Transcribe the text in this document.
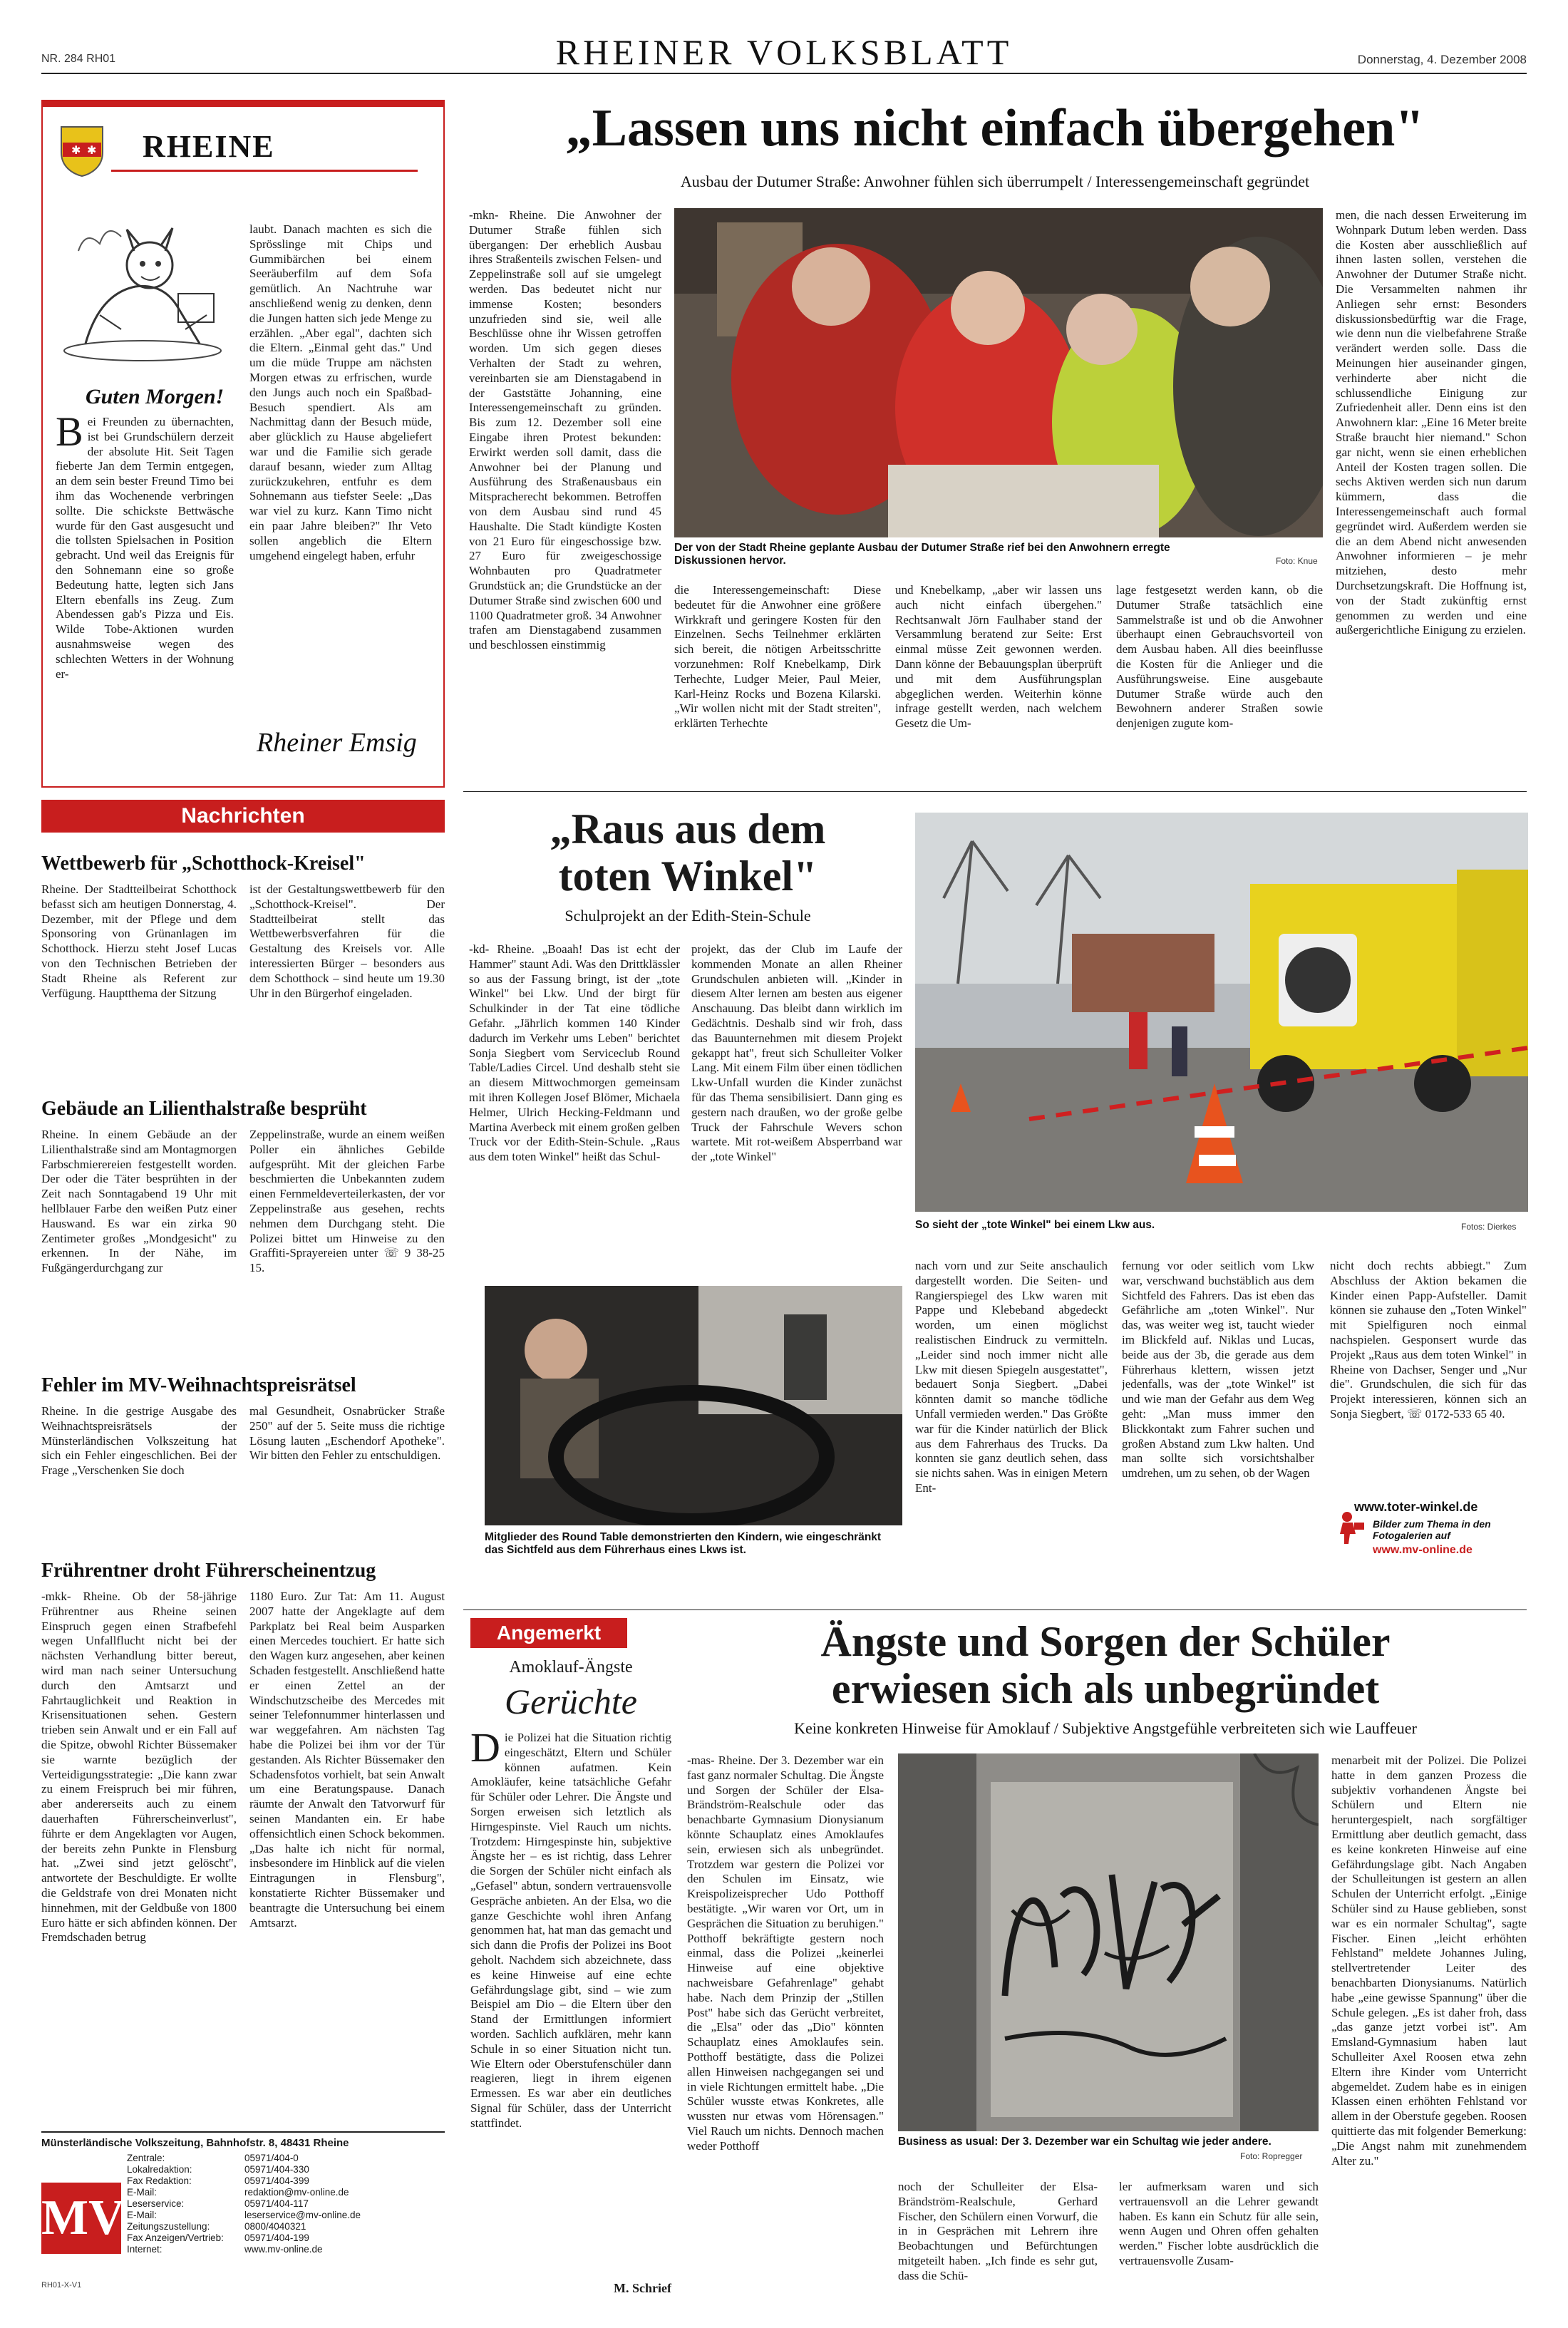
NR. 284 RH01	RHEINER VOLKSBLATT	Donnerstag, 4. Dezember 2008
✱ ✱ RHEINE
Guten Morgen!
Bei Freunden zu übernachten, ist bei Grundschülern derzeit der absolute Hit. Seit Tagen fieberte Jan dem Termin entgegen, an dem sein bester Freund Timo bei ihm das Wochenende verbringen sollte. Die schickste Bettwäsche wurde für den Gast ausgesucht und die tollsten Spielsachen in Position gebracht. Und weil das Ereignis für den Sohnemann eine so große Bedeutung hatte, legten sich Jans Eltern ebenfalls ins Zeug. Zum Abendessen gab's Pizza und Eis. Wilde Tobe-Aktionen wurden ausnahmsweise wegen des schlechten Wetters in der Wohnung er-
laubt. Danach machten es sich die Sprösslinge mit Chips und Gummibärchen bei einem Seeräuberfilm auf dem Sofa gemütlich. An Nachtruhe war anschließend wenig zu denken, denn die Jungen hatten sich jede Menge zu erzählen. „Aber egal", dachten sich die Eltern. „Einmal geht das." Und um die müde Truppe am nächsten Morgen etwas zu erfrischen, wurde den Jungs auch noch ein Spaßbad-Besuch spendiert. Als am Nachmittag dann der Besuch müde, aber glücklich zu Hause abgeliefert war und die Familie sich gerade darauf besann, wieder zum Alltag zurückzukehren, entfuhr es dem Sohnemann aus tiefster Seele: „Das war viel zu kurz. Kann Timo nicht ein paar Jahre bleiben?" Ihr Veto sollen angeblich die Eltern umgehend eingelegt haben, erfuhr
Rheiner Emsig
Nachrichten
Wettbewerb für „Schotthock-Kreisel"
Rheine. Der Stadtteilbeirat Schotthock befasst sich am heutigen Donnerstag, 4. Dezember, mit der Pflege und dem Sponsoring von Grünanlagen im Schotthock. Hierzu steht Josef Lucas von den Technischen Betrieben der Stadt Rheine als Referent zur Verfügung. Hauptthema der Sitzung
ist der Gestaltungswettbewerb für den „Schotthock-Kreisel". Der Stadtteilbeirat stellt das Wettbewerbsverfahren für die Gestaltung des Kreisels vor. Alle interessierten Bürger – besonders aus dem Schotthock – sind heute um 19.30 Uhr in den Bürgerhof eingeladen.
Gebäude an Lilienthalstraße besprüht
Rheine. In einem Gebäude an der Lilienthalstraße sind am Montagmorgen Farbschmierereien festgestellt worden. Der oder die Täter besprühten in der Zeit nach Sonntagabend 19 Uhr mit hellblauer Farbe den weißen Putz einer Hauswand. Es war ein zirka 90 Zentimeter großes „Mondgesicht" zu erkennen. In der Nähe, im Fußgängerdurchgang zur
Zeppelinstraße, wurde an einem weißen Poller ein ähnliches Gebilde aufgesprüht. Mit der gleichen Farbe beschmierten die Unbekannten zudem einen Fernmeldeverteilerkasten, der vor Zeppelinstraße aus gesehen, rechts nehmen dem Durchgang steht. Die Polizei bittet um Hinweise zu den Graffiti-Sprayereien unter ☏ 9 38-25 15.
Fehler im MV-Weihnachtspreisrätsel
Rheine. In die gestrige Ausgabe des Weihnachtspreisrätsels der Münsterländischen Volkszeitung hat sich ein Fehler eingeschlichen. Bei der Frage „Verschenken Sie doch
mal Gesundheit, Osnabrücker Straße 250" auf der 5. Seite muss die richtige Lösung lauten „Eschendorf Apotheke". Wir bitten den Fehler zu entschuldigen.
Frührentner droht Führerscheinentzug
-mkk- Rheine. Ob der 58-jährige Frührentner aus Rheine seinen Einspruch gegen einen Strafbefehl wegen Unfallflucht nicht bei der nächsten Verhandlung bitter bereut, wird man nach seiner Untersuchung durch den Amtsarzt und Fahrtauglichkeit und Reaktion in Krisensituationen sehen. Gestern trieben sein Anwalt und er ein Fall auf die Spitze, obwohl Richter Büssemaker sie warnte bezüglich der Verteidigungsstrategie: „Die kann zwar zu einem Freispruch bei mir führen, aber andererseits auch zu einem dauerhaften Führerscheinverlust", führte er dem Angeklagten vor Augen, der bereits zehn Punkte in Flensburg hat. „Zwei sind jetzt gelöscht", antwortete der Beschuldigte. Er wollte die Geldstrafe von drei Monaten nicht hinnehmen, mit der Geldbuße von 1800 Euro hätte er sich abfinden können. Der Fremdschaden betrug
1180 Euro. Zur Tat: Am 11. August 2007 hatte der Angeklagte auf dem Parkplatz bei Real beim Ausparken einen Mercedes touchiert. Er hatte sich den Wagen kurz angesehen, aber keinen Schaden festgestellt. Anschließend hatte er einen Zettel an der Windschutzscheibe des Mercedes mit seiner Telefonnummer hinterlassen und war weggefahren. Am nächsten Tag habe die Polizei bei ihm vor der Tür gestanden. Als Richter Büssemaker den Schadensfotos vorhielt, bat sein Anwalt um eine Beratungspause. Danach räumte der Anwalt den Tatvorwurf für seinen Mandanten ein. Er habe offensichtlich einen Schock bekommen. „Das halte ich nicht für normal, insbesondere im Hinblick auf die vielen Eintragungen in Flensburg", konstatierte Richter Büssemaker und beantragte die Untersuchung bei einem Amtsarzt.
Münsterländische Volkszeitung, Bahnhofstr. 8, 48431 Rheine
MV
Zentrale:	05971/404-0
Lokalredaktion:	05971/404-330
Fax Redaktion:	05971/404-399
E-Mail:	redaktion@mv-online.de
Leserservice:	05971/404-117
E-Mail:	leserservice@mv-online.de
Zeitungszustellung:	0800/4040321
Fax Anzeigen/Vertrieb:	05971/404-199
Internet:	www.mv-online.de
RH01-X-V1
„Lassen uns nicht einfach übergehen"
Ausbau der Dutumer Straße: Anwohner fühlen sich überrumpelt / Interessengemeinschaft gegründet
-mkn- Rheine. Die Anwohner der Dutumer Straße fühlen sich übergangen: Der erheblich Ausbau ihres Straßenteils zwischen Felsen- und Zeppelinstraße soll auf sie umgelegt werden. Das bedeutet nicht nur immense Kosten; besonders unzufrieden sind sie, weil alle Beschlüsse ohne ihr Wissen getroffen worden. Um sich gegen dieses Verhalten der Stadt zu wehren, vereinbarten sie am Dienstagabend in der Gaststätte Johanning, eine Interessengemeinschaft zu gründen. Bis zum 12. Dezember soll eine Eingabe ihren Protest bekunden: Erwirkt werden soll damit, dass die Anwohner bei der Planung und Ausführung des Straßenausbaus ein Mitspracherecht bekommen. Betroffen von dem Ausbau sind rund 45 Haushalte. Die Stadt kündigte Kosten von 21 Euro für eingeschossige bzw. 27 Euro für zweigeschossige Wohnbauten pro Quadratmeter Grundstück an; die Grundstücke an der Dutumer Straße sind zwischen 600 und 1100 Quadratmeter groß. 34 Anwohner trafen am Dienstagabend zusammen und beschlossen einstimmig
Der von der Stadt Rheine geplante Ausbau der Dutumer Straße rief bei den Anwohnern erregte Diskussionen hervor.	Foto: Knue
die Interessengemeinschaft: Diese bedeutet für die Anwohner eine größere Wirkkraft und geringere Kosten für den Einzelnen. Sechs Teilnehmer erklärten sich bereit, die nötigen Arbeitsschritte vorzunehmen: Rolf Knebelkamp, Dirk Terhechte, Ludger Meier, Paul Meier, Karl-Heinz Rocks und Bozena Kilarski. „Wir wollen nicht mit der Stadt streiten", erklärten Terhechte
und Knebelkamp, „aber wir lassen uns auch nicht einfach übergehen." Rechtsanwalt Jörn Faulhaber stand der Versammlung beratend zur Seite: Erst einmal müsse Zeit gewonnen werden. Dann könne der Bebauungsplan überprüft und mit dem Ausführungsplan abgeglichen werden. Weiterhin könne infrage gestellt werden, nach welchem Gesetz die Um-
lage festgesetzt werden kann, ob die Dutumer Straße tatsächlich eine Sammelstraße ist und ob die Anwohner überhaupt einen Gebrauchsvorteil von dem Ausbau haben. All dies beeinflusse die Kosten für die Anlieger und die Ausführungsweise. Eine ausgebaute Dutumer Straße würde auch den Bewohnern anderer Straßen sowie denjenigen zugute kom-
men, die nach dessen Erweiterung im Wohnpark Dutum leben werden. Dass die Kosten aber ausschließlich auf ihnen lasten sollen, verstehen die Anwohner der Dutumer Straße nicht. Die Versammelten nahmen ihr Anliegen sehr ernst: Besonders diskussionsbedürftig war die Frage, wie denn nun die vielbefahrene Straße verändert werden solle. Dass die Meinungen hier auseinander gingen, verhinderte aber nicht die schlussendliche Einigung zur Zufriedenheit aller. Denn eins ist den Anwohnern klar: „Eine 16 Meter breite Straße braucht hier niemand." Schon gar nicht, wenn sie einen erheblichen Anteil der Kosten tragen sollen. Die sechs Aktiven werden sich nun darum kümmern, dass die Interessengemeinschaft auch formal gegründet wird. Außerdem werden sie die an dem Abend nicht anwesenden Anwohner informieren – je mehr mitziehen, desto mehr Durchsetzungskraft. Die Hoffnung ist, von der Stadt zukünftig ernst genommen zu werden und eine außergerichtliche Einigung zu erzielen.
„Raus aus dem
toten Winkel"
Schulprojekt an der Edith-Stein-Schule
-kd- Rheine. „Boaah! Das ist echt der Hammer" staunt Adi. Was den Drittklässler so aus der Fassung bringt, ist der „tote Winkel" bei Lkw. Und der birgt für Schulkinder in der Tat eine tödliche Gefahr. „Jährlich kommen 140 Kinder dadurch im Verkehr ums Leben" berichtet Sonja Siegbert vom Serviceclub Round Table/Ladies Circel. Und deshalb steht sie an diesem Mittwochmorgen gemeinsam mit ihren Kollegen Josef Blömer, Michaela Helmer, Ulrich Hecking-Feldmann und Martina Averbeck mit einem großen gelben Truck vor der Edith-Stein-Schule. „Raus aus dem toten Winkel" heißt das Schul-
projekt, das der Club im Laufe der kommenden Monate an allen Rheiner Grundschulen anbieten will. „Kinder in diesem Alter lernen am besten aus eigener Anschauung. Das bleibt dann wirklich im Gedächtnis. Deshalb sind wir froh, dass das Bauunternehmen mit diesem Projekt gekappt hat", freut sich Schulleiter Volker Lang. Mit einem Film über einen tödlichen Lkw-Unfall wurden die Kinder zunächst für das Thema sensibilisiert. Dann ging es gestern nach draußen, wo der große gelbe Truck der Fahrschule Wevers schon wartete. Mit rot-weißem Absperrband war der „tote Winkel"
So sieht der „tote Winkel" bei einem Lkw aus.	Fotos: Dierkes
Mitglieder des Round Table demonstrierten den Kindern, wie eingeschränkt das Sichtfeld aus dem Führerhaus eines Lkws ist.
nach vorn und zur Seite anschaulich dargestellt worden. Die Seiten- und Rangierspiegel des Lkw waren mit Pappe und Klebeband abgedeckt worden, um einen möglichst realistischen Eindruck zu vermitteln. „Leider sind noch immer nicht alle Lkw mit diesen Spiegeln ausgestattet", bedauert Sonja Siegbert. „Dabei könnten damit so manche tödliche Unfall vermieden werden." Das Größte war für die Kinder natürlich der Blick aus dem Fahrerhaus des Trucks. Da konnten sie ganz deutlich sehen, dass sie nichts sahen. Was in einigen Metern Ent-
fernung vor oder seitlich vom Lkw war, verschwand buchstäblich aus dem Sichtfeld des Fahrers. Das ist eben das Gefährliche am „toten Winkel". Nur das, was weiter weg ist, taucht wieder im Blickfeld auf. Niklas und Lucas, beide aus der 3b, die gerade aus dem Führerhaus klettern, wissen jetzt jedenfalls, was der „tote Winkel" ist und wie man der Gefahr aus dem Weg geht: „Man muss immer den Blickkontakt zum Fahrer suchen und großen Abstand zum Lkw halten. Und man sollte sich vorsichtshalber umdrehen, um zu sehen, ob der Wagen
nicht doch rechts abbiegt." Zum Abschluss der Aktion bekamen die Kinder einen Papp-Aufsteller. Damit können sie zuhause den „Toten Winkel" mit Spielfiguren noch einmal nachspielen. Gesponsert wurde das Projekt „Raus aus dem toten Winkel" in Rheine von Dachser, Senger und „Nur die". Grundschulen, die sich für das Projekt interessieren, können sich an Sonja Siegbert, ☏ 0172-533 65 40.
www.toter-winkel.de
Bilder zum Thema in den Fotogalerien auf
www.mv-online.de
Angemerkt
Amoklauf-Ängste
Gerüchte
Die Polizei hat die Situation richtig eingeschätzt, Eltern und Schüler können aufatmen. Kein Amokläufer, keine tatsächliche Gefahr für Schüler oder Lehrer. Die Ängste und Sorgen erweisen sich letztlich als Hirngespinste. Viel Rauch um nichts. Trotzdem: Hirngespinste hin, subjektive Ängste her – es ist richtig, dass Lehrer die Sorgen der Schüler nicht einfach als „Gefasel" abtun, sondern vertrauensvolle Gespräche anbieten. An der Elsa, wo die ganze Geschichte wohl ihren Anfang genommen hat, hat man das gemacht und sich dann die Profis der Polizei ins Boot geholt. Nachdem sich abzeichnete, dass es keine Hinweise auf eine echte Gefährdungslage gibt, sind – wie zum Beispiel am Dio – die Eltern über den Stand der Ermittlungen informiert worden. Sachlich aufklären, mehr kann Schule in so einer Situation nicht tun. Wie Eltern oder Oberstufenschüler dann reagieren, liegt in ihrem eigenen Ermessen. Es war aber ein deutliches Signal für Schüler, dass der Unterricht stattfindet.
M. Schrief
Ängste und Sorgen der Schüler
erwiesen sich als unbegründet
Keine konkreten Hinweise für Amoklauf / Subjektive Angstgefühle verbreiteten sich wie Lauffeuer
-mas- Rheine. Der 3. Dezember war ein fast ganz normaler Schultag. Die Ängste und Sorgen der Schüler der Elsa-Brändström-Realschule oder das benachbarte Gymnasium Dionysianum könnte Schauplatz eines Amoklaufes sein, erwiesen sich als unbegründet. Trotzdem war gestern die Polizei vor den Schulen im Einsatz, wie Kreispolizeisprecher Udo Potthoff bestätigte. „Wir waren vor Ort, um in Gesprächen die Situation zu beruhigen." Potthoff bekräftigte gestern noch einmal, dass die Polizei „keinerlei Hinweise auf eine objektive nachweisbare Gefahrenlage" gehabt habe. Nach dem Prinzip der „Stillen Post" habe sich das Gerücht verbreitet, die „Elsa" oder das „Dio" könnten Schauplatz eines Amoklaufes sein. Potthoff bestätigte, dass die Polizei allen Hinweisen nachgegangen sei und in viele Richtungen ermittelt habe. „Die Schüler wusste etwas Konkretes, alle wussten nur etwas vom Hörensagen." Viel Rauch um nichts. Dennoch machen weder Potthoff	Business as usual: Der 3. Dezember war ein Schultag wie jeder andere.
Foto: Ropregger
noch der Schulleiter der Elsa-Brändström-Realschule, Gerhard Fischer, den Schülern einen Vorwurf, die in in Gesprächen mit Lehrern ihre Beobachtungen und Befürchtungen mitgeteilt haben. „Ich finde es sehr gut, dass die Schü-
ler aufmerksam waren und sich vertrauensvoll an die Lehrer gewandt haben. Es kann ein Schutz für alle sein, wenn Augen und Ohren offen gehalten werden." Fischer lobte ausdrücklich die vertrauensvolle Zusam-
menarbeit mit der Polizei. Die Polizei hatte in dem ganzen Prozess die subjektiv vorhandenen Ängste bei Schülern und Eltern nie heruntergespielt, nach sorgfältiger Ermittlung aber deutlich gemacht, dass es keine konkreten Hinweise auf eine Gefährdungslage gibt. Nach Angaben der Schulleitungen ist gestern an allen Schulen der Unterricht erfolgt. „Einige Schüler sind zu Hause geblieben, sonst war es ein normaler Schultag", sagte Fischer. Einen „leicht erhöhten Fehlstand" meldete Johannes Juling, stellvertretender Leiter des benachbarten Dionysianums. Natürlich habe „eine gewisse Spannung" über die Schule gelegen. „Es ist daher froh, dass „das ganze jetzt vorbei ist". Am Emsland-Gymnasium haben laut Schulleiter Axel Roosen etwa zehn Eltern ihre Kinder vom Unterricht abgemeldet. Zudem habe es in einigen Klassen einen erhöhten Fehlstand vor allem in der Oberstufe gegeben. Roosen quittierte das mit folgender Bemerkung: „Die Angst nahm mit zunehmendem Alter zu."
